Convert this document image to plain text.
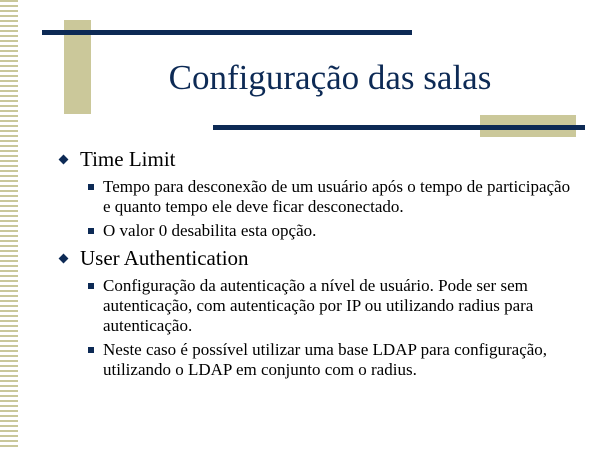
Configuração das salas
Time Limit
Tempo para desconexão de um usuário após o tempo de participação e quanto tempo ele deve ficar desconectado.
O valor 0 desabilita esta opção.
User Authentication
Configuração da autenticação a nível de usuário. Pode ser sem autenticação, com autenticação por IP ou utilizando radius para autenticação.
Neste caso é possível utilizar uma base LDAP para configuração, utilizando o LDAP em conjunto com o radius.
